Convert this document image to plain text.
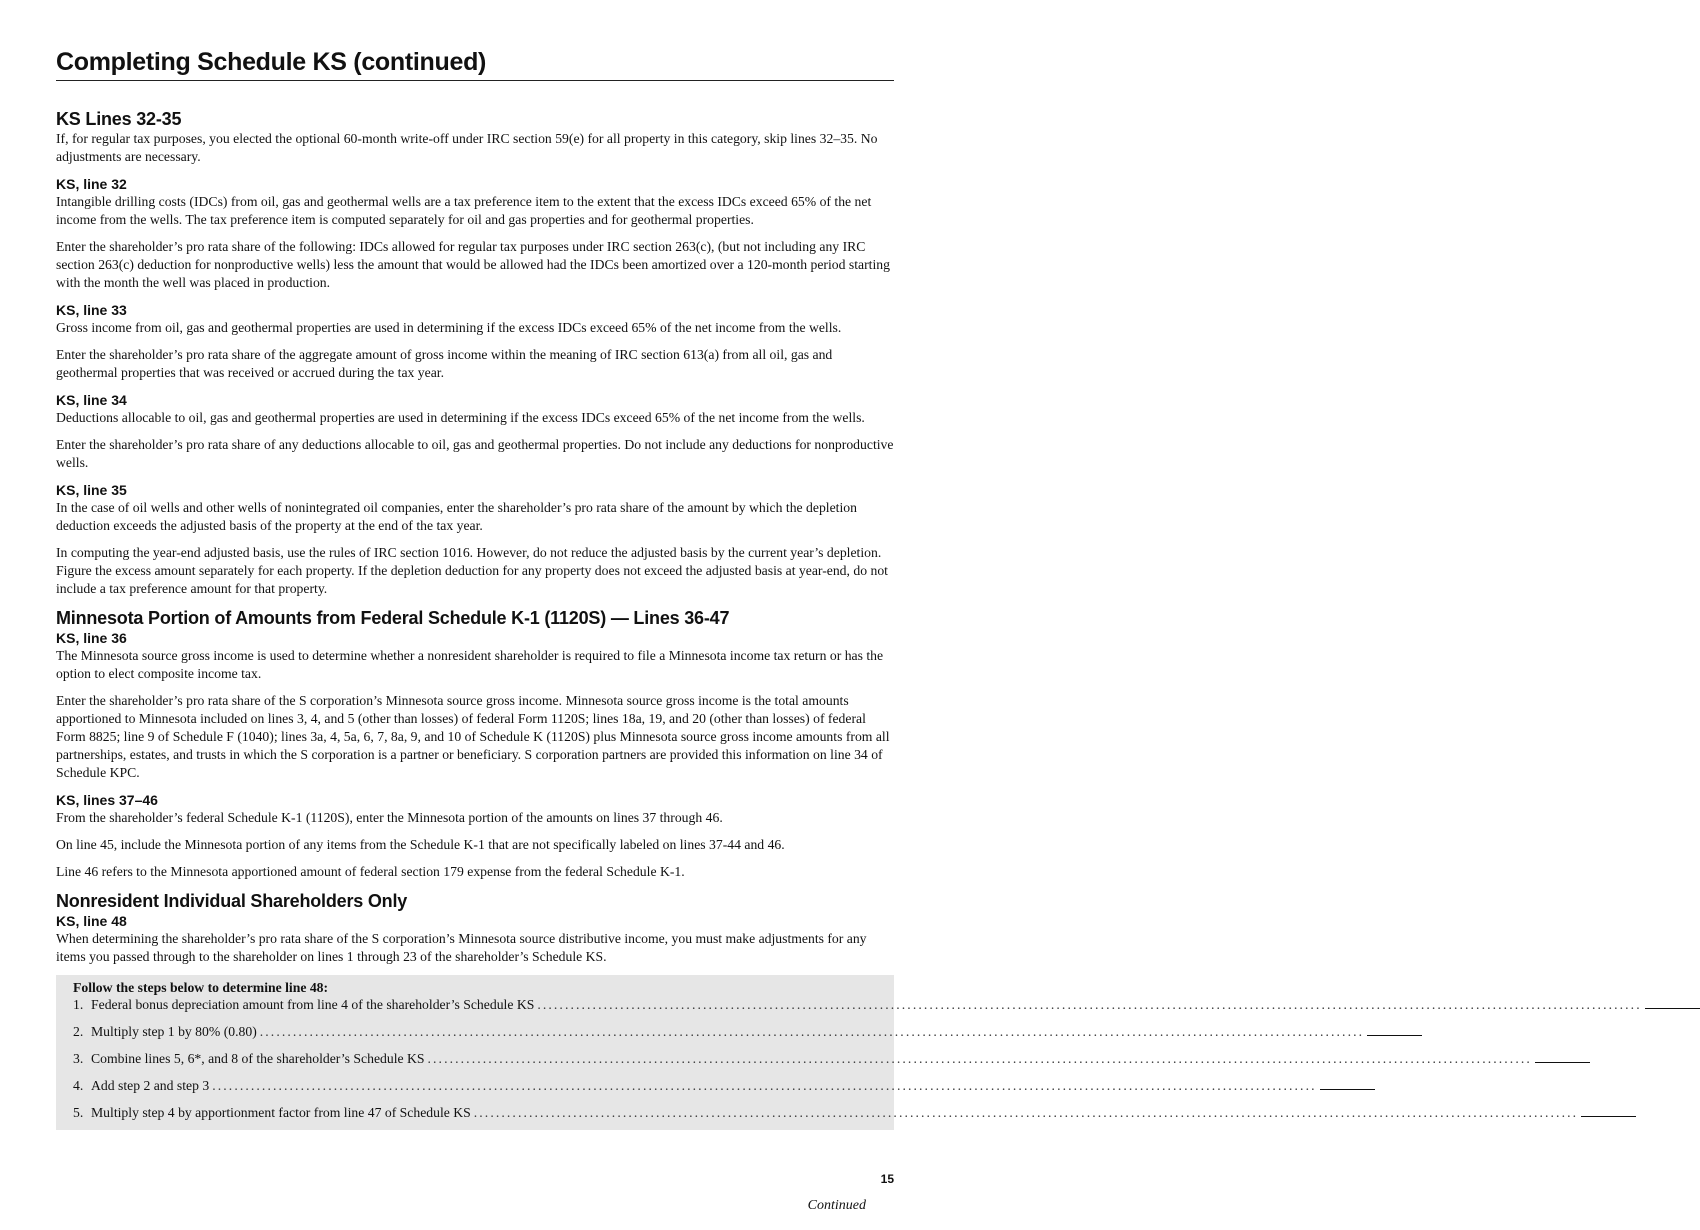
Completing Schedule KS (continued)
KS Lines 32-35

If, for regular tax purposes, you elected the optional 60-month write-off under IRC section 59(e) for all property in this category, skip lines 32–35. No adjustments are necessary.

KS, line 32

Intangible drilling costs (IDCs) from oil, gas and geothermal wells are a tax preference item to the extent that the excess IDCs exceed 65% of the net income from the wells. The tax preference item is computed separately for oil and gas properties and for geothermal properties.

Enter the shareholder’s pro rata share of the following: IDCs allowed for regular tax purposes under IRC section 263(c), (but not including any IRC section 263(c) deduction for nonproductive wells) less the amount that would be allowed had the IDCs been amortized over a 120-month period starting with the month the well was placed in production.

KS, line 33

Gross income from oil, gas and geothermal properties are used in determining if the excess IDCs exceed 65% of the net income from the wells.

Enter the shareholder’s pro rata share of the aggregate amount of gross income within the meaning of IRC section 613(a) from all oil, gas and geothermal properties that was received or accrued during the tax year.

KS, line 34

Deductions allocable to oil, gas and geothermal properties are used in determining if the excess IDCs exceed 65% of the net income from the wells.

Enter the shareholder’s pro rata share of any deductions allocable to oil, gas and geothermal properties. Do not include any deductions for nonproductive wells.

KS, line 35

In the case of oil wells and other wells of nonintegrated oil companies, enter the shareholder’s pro rata share of the amount by which the depletion deduction exceeds the adjusted basis of the property at the end of the tax year.

In computing the year-end adjusted basis, use the rules of IRC section 1016. However, do not reduce the adjusted basis by the current year’s depletion. Figure the excess amount separately for each property. If the depletion deduction for any property does not exceed the adjusted basis at year-end, do not include a tax preference amount for that property.

Minnesota Portion of Amounts from Federal Schedule K-1 (1120S) — Lines 36-47
KS, line 36

The Minnesota source gross income is used to determine whether a nonresident shareholder is required to file a Minnesota income tax return or has the option to elect composite income tax.

Enter the shareholder’s pro rata share of the S corporation’s Minnesota source gross income. Minnesota source gross income is the total amounts apportioned to Minnesota included on lines 3, 4, and 5 (other than losses) of federal Form 1120S; lines 18a, 19, and 20 (other than losses) of federal Form 8825; line 9 of Schedule F (1040); lines 3a, 4, 5a, 6, 7, 8a, 9, and 10 of Schedule K (1120S) plus Minnesota source gross income amounts from all partnerships, estates, and trusts in which the S corporation is a partner or beneficiary. S corporation partners are provided this information on line 34 of Schedule KPC.

KS, lines 37–46

From the shareholder’s federal Schedule K-1 (1120S), enter the Minnesota portion of the amounts on lines 37 through 46.

On line 45, include the Minnesota portion of any items from the Schedule K-1 that are not specifically labeled on lines 37-44 and 46.

Line 46 refers to the Minnesota apportioned amount of federal section 179 expense from the federal Schedule K-1.

Nonresident Individual Shareholders Only
KS, line 48

When determining the shareholder’s pro rata share of the S corporation’s Minnesota source distributive income, you must make adjustments for any items you passed through to the shareholder on lines 1 through 23 of the shareholder’s Schedule KS.

Follow the steps below to determine line 48:
1. Federal bonus depreciation amount from line 4 of the shareholder’s Schedule KS ........................................................................................................................................................................................................
2. Multiply step 1 by 80% (0.80) ........................................................................................................................................................................................................
3. Combine lines 5, 6*, and 8 of the shareholder’s Schedule KS ........................................................................................................................................................................................................
4. Add step 2 and step 3 ........................................................................................................................................................................................................
5. Multiply step 4 by apportionment factor from line 47 of Schedule KS ........................................................................................................................................................................................................
15
Continued
